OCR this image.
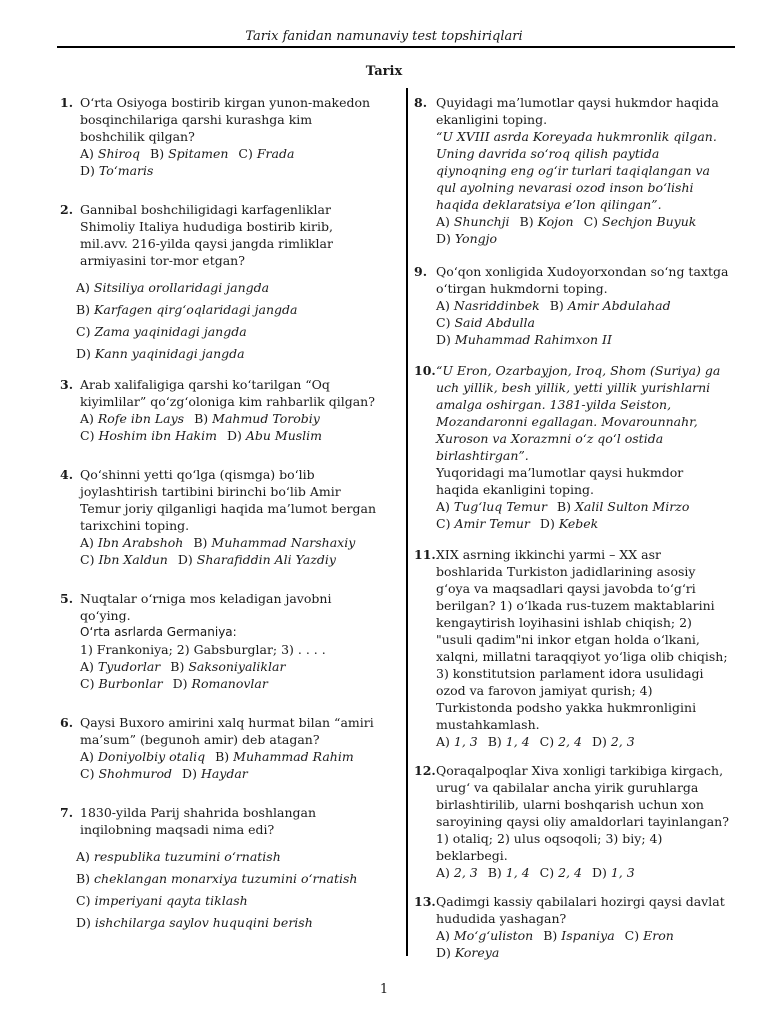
Tarix fanidan namunaviy test topshiriqlari
Tarix
1. O‘rta Osiyoga bostirib kirgan yunon-makedon bosqinchilariga qarshi kurashga kim boshchilik qilgan?
A) Shiroq B) Spitamen C) Frada
D) To‘maris
2. Gannibal boshchiligidagi karfagenliklar Shimoliy Italiya hududiga bostirib kirib, mil.avv. 216-yilda qaysi jangda rimliklar armiyasini tor-mor etgan?
A) Sitsiliya orollaridagi jangda
B) Karfagen qirg‘oqlaridagi jangda
C) Zama yaqinidagi jangda
D) Kann yaqinidagi jangda
3. Arab xalifaligiga qarshi ko‘tarilgan “Oq kiyimlilar” qo‘zg‘oloniga kim rahbarlik qilgan?
A) Rofe ibn Lays B) Mahmud Torobiy
C) Hoshim ibn Hakim D) Abu Muslim
4. Qo‘shinni yetti qo‘lga (qismga) bo‘lib joylashtirish tartibini birinchi bo‘lib Amir Temur joriy qilganligi haqida ma’lumot bergan tarixchini toping.
A) Ibn Arabshoh B) Muhammad Narshaxiy
C) Ibn Xaldun D) Sharafiddin Ali Yazdiy
5. Nuqtalar o‘rniga mos keladigan javobni qo‘ying.
O‘rta asrlarda Germaniya:
1) Frankoniya; 2) Gabsburglar; 3) . . . .
A) Tyudorlar B) Saksoniyaliklar
C) Burbonlar D) Romanovlar
6. Qaysi Buxoro amirini xalq hurmat bilan “amiri ma’sum” (begunoh amir) deb atagan?
A) Doniyolbiy otaliq B) Muhammad Rahim
C) Shohmurod D) Haydar
7. 1830-yilda Parij shahrida boshlangan inqilobning maqsadi nima edi?
A) respublika tuzumini o‘rnatish
B) cheklangan monarxiya tuzumini o‘rnatish
C) imperiyani qayta tiklash
D) ishchilarga saylov huquqini berish
8. Quyidagi ma’lumotlar qaysi hukmdor haqida ekanligini toping.
“U XVIII asrda Koreyada hukmronlik qilgan. Uning davrida so‘roq qilish paytida qiynoqning eng og‘ir turlari taqiqlangan va qul ayolning nevarasi ozod inson bo‘lishi haqida deklaratsiya e’lon qilingan”.
A) Shunchji B) Kojon C) Sechjon Buyuk
D) Yongjo
9. Qo‘qon xonligida Xudoyorxondan so‘ng taxtga o‘tirgan hukmdorni toping.
A) Nasriddinbek B) Amir Abdulahad
C) Said Abdulla
D) Muhammad Rahimxon II
10. “U Eron, Ozarbayjon, Iroq, Shom (Suriya) ga uch yillik, besh yillik, yetti yillik yurishlarni amalga oshirgan. 1381-yilda Seiston, Mozandaronni egallagan. Movarounnahr, Xuroson va Xorazmni o‘z qo‘l ostida birlashtirgan”.
Yuqoridagi ma’lumotlar qaysi hukmdor haqida ekanligini toping.
A) Tug‘luq Temur B) Xalil Sulton Mirzo
C) Amir Temur D) Kebek
11. XIX asrning ikkinchi yarmi – XX asr boshlarida Turkiston jadidlarining asosiy g‘oya va maqsadlari qaysi javobda to‘g‘ri berilgan? 1) o‘lkada rus-tuzem maktablarini kengaytirish loyihasini ishlab chiqish; 2) "usuli qadim"ni inkor etgan holda o‘lkani, xalqni, millatni taraqqiyot yo‘liga olib chiqish; 3) konstitutsion parlament idora usulidagi ozod va farovon jamiyat qurish; 4) Turkistonda podsho yakka hukmronligini mustahkamlash.
A) 1, 3 B) 1, 4 C) 2, 4 D) 2, 3
12. Qoraqalpoqlar Xiva xonligi tarkibiga kirgach, urug‘ va qabilalar ancha yirik guruhlarga birlashtirilib, ularni boshqarish uchun xon saroyining qaysi oliy amaldorlari tayinlangan? 1) otaliq; 2) ulus oqsoqoli; 3) biy; 4) beklarbegi.
A) 2, 3 B) 1, 4 C) 2, 4 D) 1, 3
13. Qadimgi kassiy qabilalari hozirgi qaysi davlat hududida yashagan?
A) Mo‘g‘uliston B) Ispaniya C) Eron
D) Koreya
1
